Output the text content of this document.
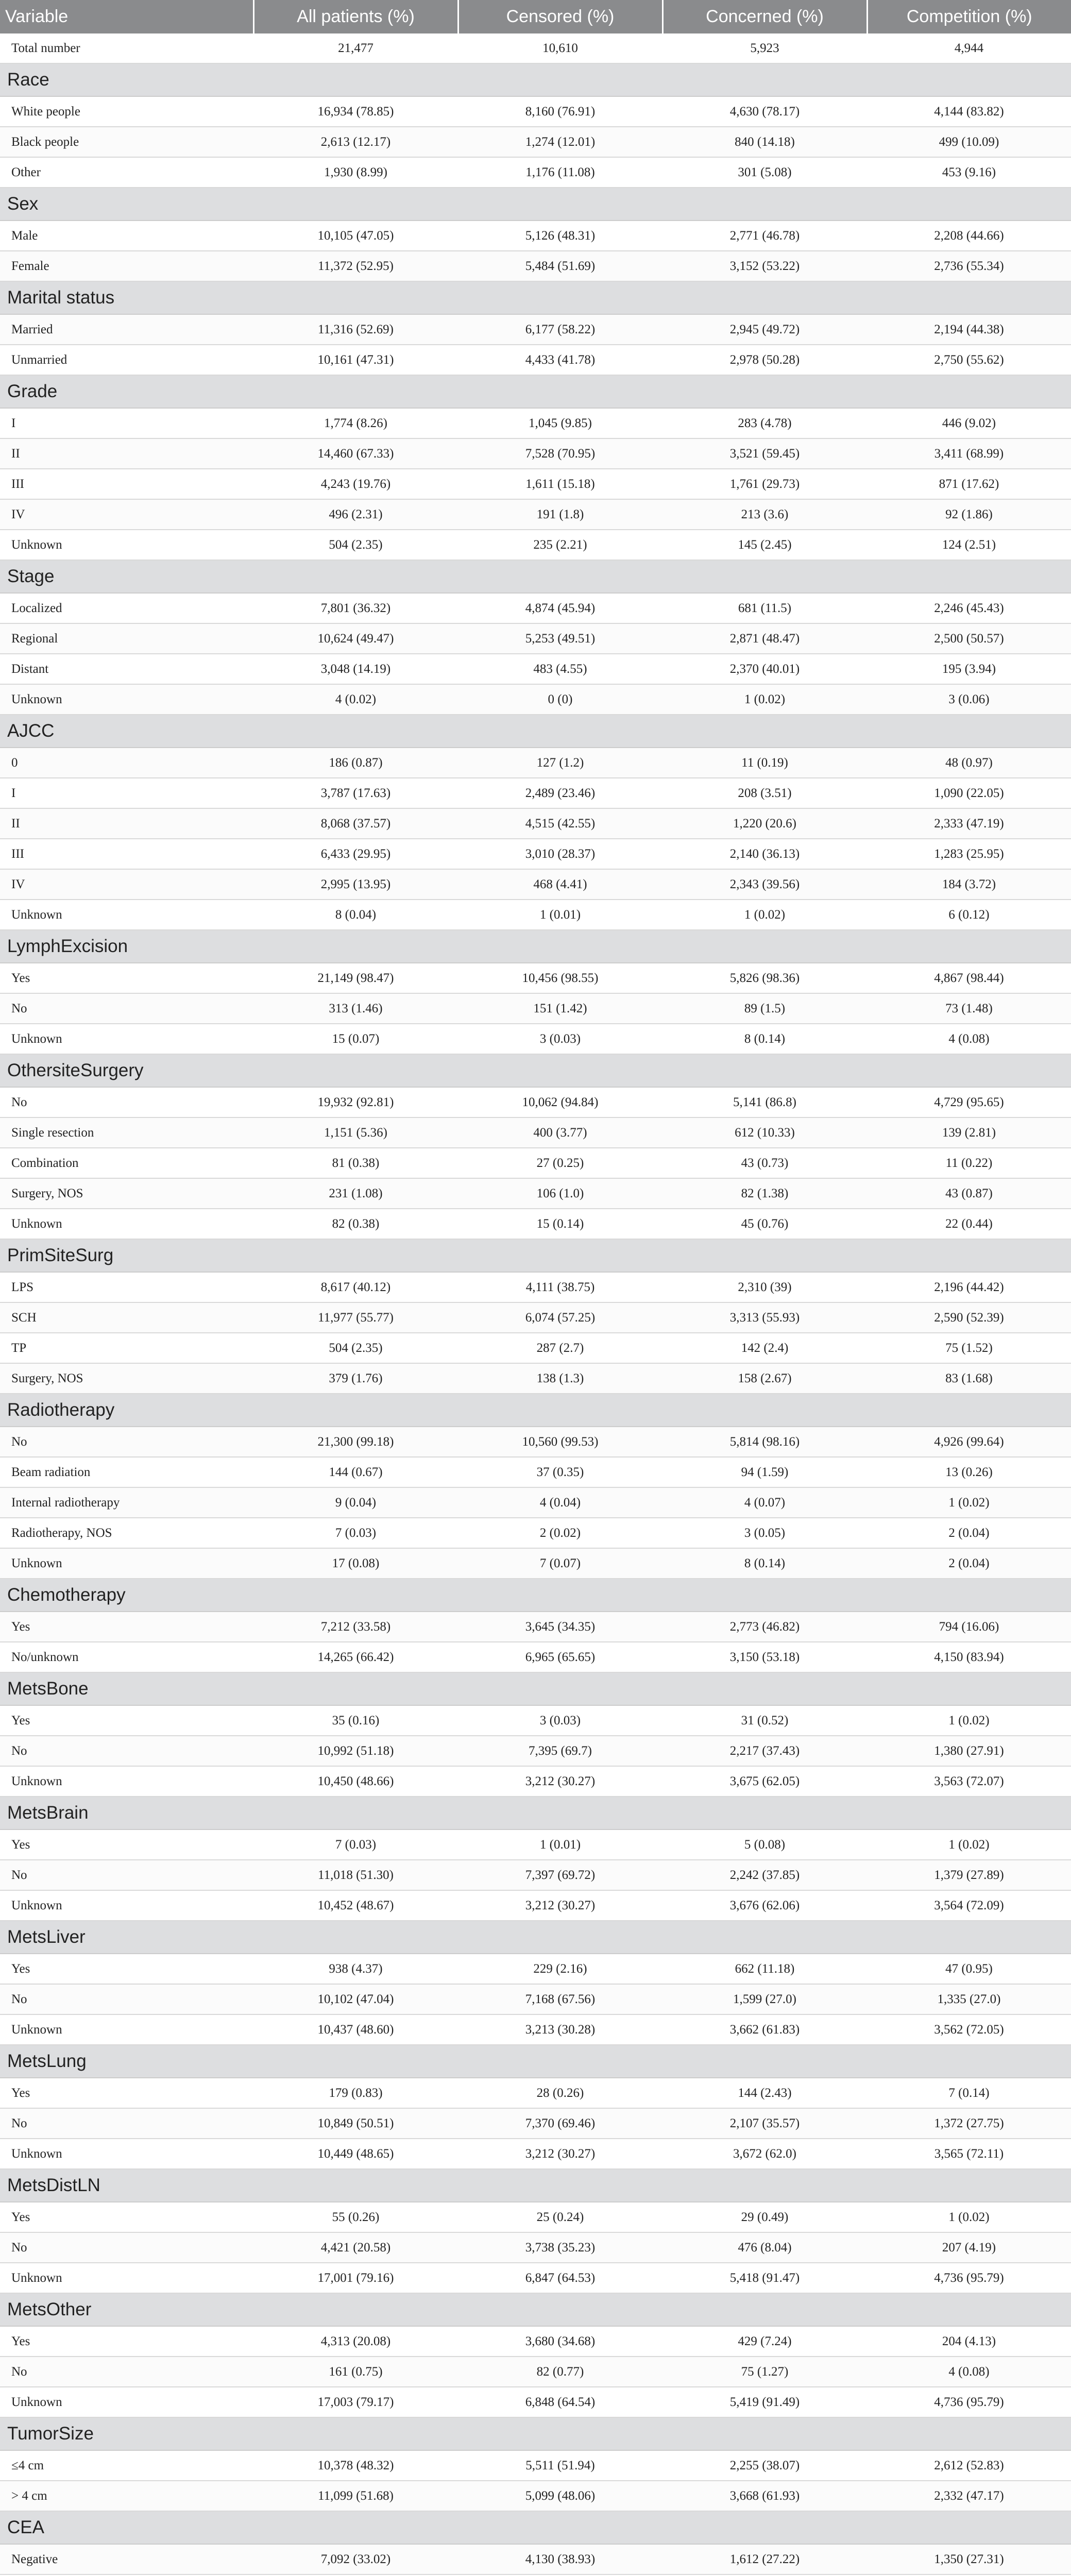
Variable	All patients (%)	Censored (%)	Concerned (%)	Competition (%)
Total number	21,477	10,610	5,923	4,944
Race				
White people	16,934 (78.85)	8,160 (76.91)	4,630 (78.17)	4,144 (83.82)
Black people	2,613 (12.17)	1,274 (12.01)	840 (14.18)	499 (10.09)
Other	1,930 (8.99)	1,176 (11.08)	301 (5.08)	453 (9.16)
Sex				
Male	10,105 (47.05)	5,126 (48.31)	2,771 (46.78)	2,208 (44.66)
Female	11,372 (52.95)	5,484 (51.69)	3,152 (53.22)	2,736 (55.34)
Marital status				
Married	11,316 (52.69)	6,177 (58.22)	2,945 (49.72)	2,194 (44.38)
Unmarried	10,161 (47.31)	4,433 (41.78)	2,978 (50.28)	2,750 (55.62)
Grade				
I	1,774 (8.26)	1,045 (9.85)	283 (4.78)	446 (9.02)
II	14,460 (67.33)	7,528 (70.95)	3,521 (59.45)	3,411 (68.99)
III	4,243 (19.76)	1,611 (15.18)	1,761 (29.73)	871 (17.62)
IV	496 (2.31)	191 (1.8)	213 (3.6)	92 (1.86)
Unknown	504 (2.35)	235 (2.21)	145 (2.45)	124 (2.51)
Stage				
Localized	7,801 (36.32)	4,874 (45.94)	681 (11.5)	2,246 (45.43)
Regional	10,624 (49.47)	5,253 (49.51)	2,871 (48.47)	2,500 (50.57)
Distant	3,048 (14.19)	483 (4.55)	2,370 (40.01)	195 (3.94)
Unknown	4 (0.02)	0 (0)	1 (0.02)	3 (0.06)
AJCC				
0	186 (0.87)	127 (1.2)	11 (0.19)	48 (0.97)
I	3,787 (17.63)	2,489 (23.46)	208 (3.51)	1,090 (22.05)
II	8,068 (37.57)	4,515 (42.55)	1,220 (20.6)	2,333 (47.19)
III	6,433 (29.95)	3,010 (28.37)	2,140 (36.13)	1,283 (25.95)
IV	2,995 (13.95)	468 (4.41)	2,343 (39.56)	184 (3.72)
Unknown	8 (0.04)	1 (0.01)	1 (0.02)	6 (0.12)
LymphExcision				
Yes	21,149 (98.47)	10,456 (98.55)	5,826 (98.36)	4,867 (98.44)
No	313 (1.46)	151 (1.42)	89 (1.5)	73 (1.48)
Unknown	15 (0.07)	3 (0.03)	8 (0.14)	4 (0.08)
OthersiteSurgery				
No	19,932 (92.81)	10,062 (94.84)	5,141 (86.8)	4,729 (95.65)
Single resection	1,151 (5.36)	400 (3.77)	612 (10.33)	139 (2.81)
Combination	81 (0.38)	27 (0.25)	43 (0.73)	11 (0.22)
Surgery, NOS	231 (1.08)	106 (1.0)	82 (1.38)	43 (0.87)
Unknown	82 (0.38)	15 (0.14)	45 (0.76)	22 (0.44)
PrimSiteSurg				
LPS	8,617 (40.12)	4,111 (38.75)	2,310 (39)	2,196 (44.42)
SCH	11,977 (55.77)	6,074 (57.25)	3,313 (55.93)	2,590 (52.39)
TP	504 (2.35)	287 (2.7)	142 (2.4)	75 (1.52)
Surgery, NOS	379 (1.76)	138 (1.3)	158 (2.67)	83 (1.68)
Radiotherapy				
No	21,300 (99.18)	10,560 (99.53)	5,814 (98.16)	4,926 (99.64)
Beam radiation	144 (0.67)	37 (0.35)	94 (1.59)	13 (0.26)
Internal radiotherapy	9 (0.04)	4 (0.04)	4 (0.07)	1 (0.02)
Radiotherapy, NOS	7 (0.03)	2 (0.02)	3 (0.05)	2 (0.04)
Unknown	17 (0.08)	7 (0.07)	8 (0.14)	2 (0.04)
Chemotherapy				
Yes	7,212 (33.58)	3,645 (34.35)	2,773 (46.82)	794 (16.06)
No/unknown	14,265 (66.42)	6,965 (65.65)	3,150 (53.18)	4,150 (83.94)
MetsBone				
Yes	35 (0.16)	3 (0.03)	31 (0.52)	1 (0.02)
No	10,992 (51.18)	7,395 (69.7)	2,217 (37.43)	1,380 (27.91)
Unknown	10,450 (48.66)	3,212 (30.27)	3,675 (62.05)	3,563 (72.07)
MetsBrain				
Yes	7 (0.03)	1 (0.01)	5 (0.08)	1 (0.02)
No	11,018 (51.30)	7,397 (69.72)	2,242 (37.85)	1,379 (27.89)
Unknown	10,452 (48.67)	3,212 (30.27)	3,676 (62.06)	3,564 (72.09)
MetsLiver				
Yes	938 (4.37)	229 (2.16)	662 (11.18)	47 (0.95)
No	10,102 (47.04)	7,168 (67.56)	1,599 (27.0)	1,335 (27.0)
Unknown	10,437 (48.60)	3,213 (30.28)	3,662 (61.83)	3,562 (72.05)
MetsLung				
Yes	179 (0.83)	28 (0.26)	144 (2.43)	7 (0.14)
No	10,849 (50.51)	7,370 (69.46)	2,107 (35.57)	1,372 (27.75)
Unknown	10,449 (48.65)	3,212 (30.27)	3,672 (62.0)	3,565 (72.11)
MetsDistLN				
Yes	55 (0.26)	25 (0.24)	29 (0.49)	1 (0.02)
No	4,421 (20.58)	3,738 (35.23)	476 (8.04)	207 (4.19)
Unknown	17,001 (79.16)	6,847 (64.53)	5,418 (91.47)	4,736 (95.79)
MetsOther				
Yes	4,313 (20.08)	3,680 (34.68)	429 (7.24)	204 (4.13)
No	161 (0.75)	82 (0.77)	75 (1.27)	4 (0.08)
Unknown	17,003 (79.17)	6,848 (64.54)	5,419 (91.49)	4,736 (95.79)
TumorSize				
≤4 cm	10,378 (48.32)	5,511 (51.94)	2,255 (38.07)	2,612 (52.83)
> 4 cm	11,099 (51.68)	5,099 (48.06)	3,668 (61.93)	2,332 (47.17)
CEA				
Negative	7,092 (33.02)	4,130 (38.93)	1,612 (27.22)	1,350 (27.31)
